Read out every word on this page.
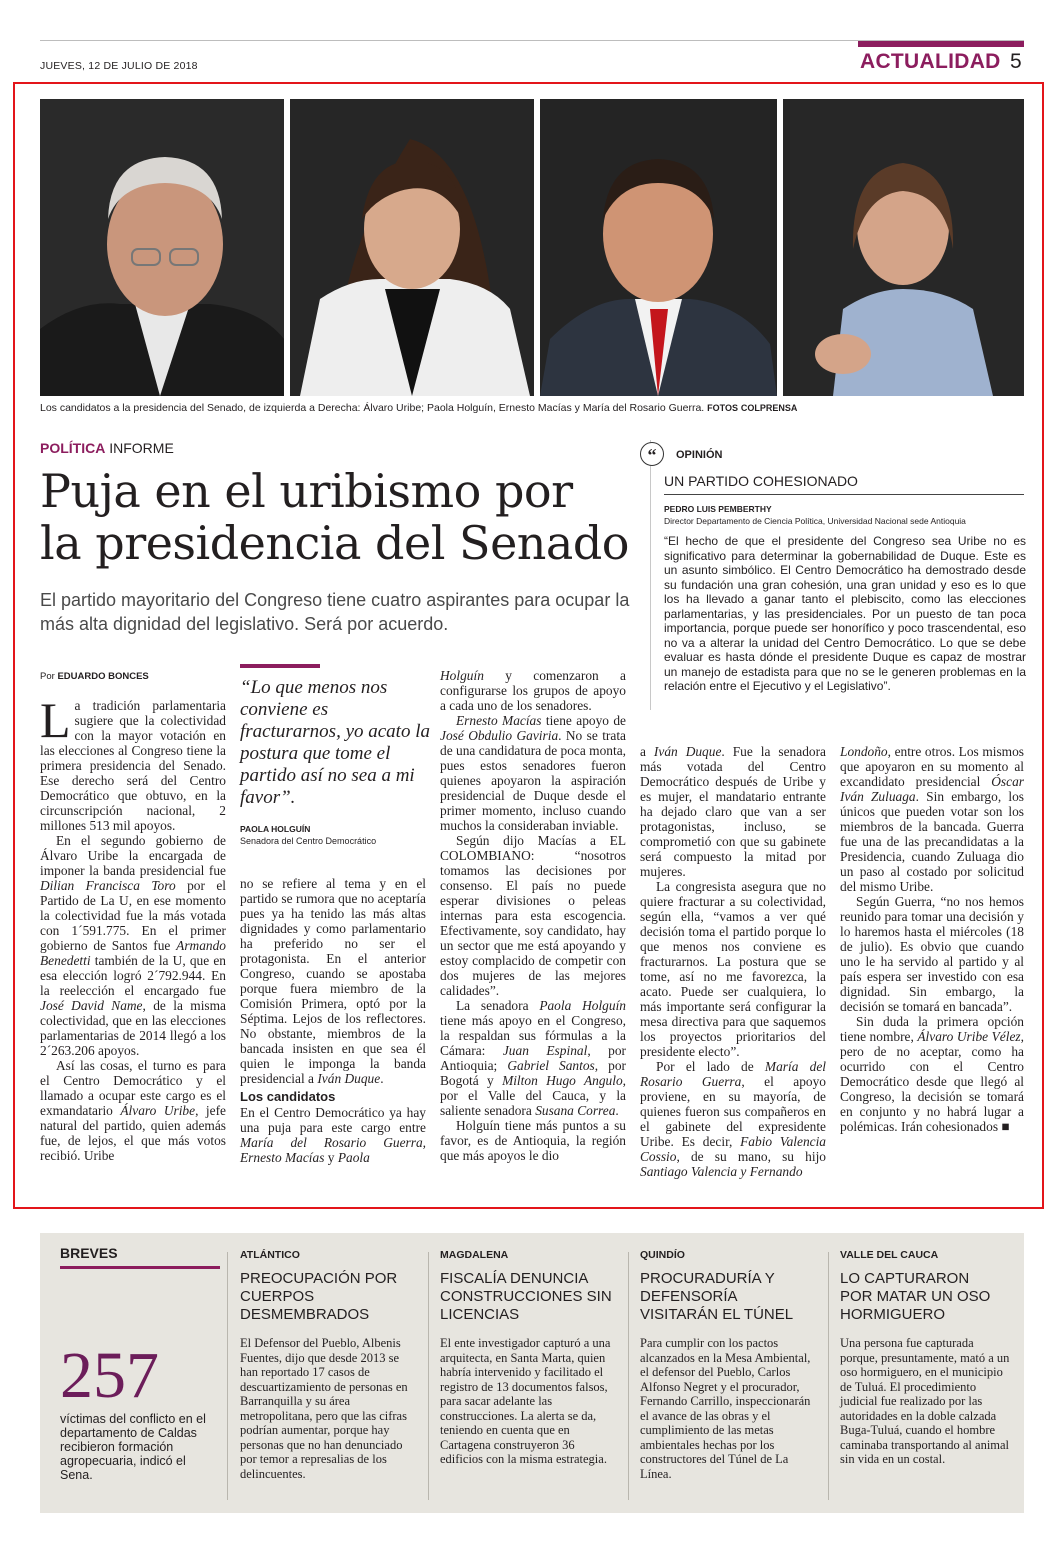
JUEVES, 12 DE JULIO DE 2018	ACTUALIDAD 5
Los candidatos a la presidencia del Senado, de izquierda a Derecha: Álvaro Uribe; Paola Holguín, Ernesto Macías y María del Rosario Guerra. FOTOS COLPRENSA
POLÍTICA INFORME
Puja en el uribismo por
la presidencia del Senado
El partido mayoritario del Congreso tiene cuatro aspirantes para ocupar la más alta dignidad del legislativo. Será por acuerdo.
“	OPINIÓN
UN PARTIDO COHESIONADO
PEDRO LUIS PEMBERTHY
Director Departamento de Ciencia Política, Universidad Nacional sede Antioquia
“El hecho de que el presidente del Congreso sea Uribe no es significativo para determinar la gobernabilidad de Duque. Este es un asunto simbólico. El Centro Democrático ha demostrado desde su fundación una gran cohesión, una gran unidad y eso es lo que los ha llevado a ganar tanto el plebiscito, como las elecciones parlamentarias, y las presidenciales. Por un puesto de tan poca importancia, porque puede ser honorífico y poco trascendental, eso no va a alterar la unidad del Centro Democrático. Lo que se debe evaluar es hasta dónde el presidente Duque es capaz de mostrar un manejo de estadista para que no se le generen problemas en la relación entre el Ejecutivo y el Legislativo”.
Por EDUARDO BONCES

La tradición parlamentaria sugiere que la colectividad con la mayor votación en las elecciones al Congreso tiene la primera presidencia del Senado. Ese derecho será del Centro Democrático que obtuvo, en la circunscripción nacional, 2 millones 513 mil apoyos.

En el segundo gobierno de Álvaro Uribe la encargada de imponer la banda presidencial fue Dilian Francisca Toro por el Partido de La U, en ese momento la colectividad fue la más votada con 1´591.775. En el primer gobierno de Santos fue Armando Benedetti también de la U, que en esa elección logró 2´792.944. En la reelección el encargado fue José David Name, de la misma colectividad, que en las elecciones parlamentarias de 2014 llegó a los 2´263.206 apoyos.

Así las cosas, el turno es para el Centro Democrático y el llamado a ocupar este cargo es el exmandatario Álvaro Uribe, jefe natural del partido, quien además fue, de lejos, el que más votos recibió. Uribe

“Lo que menos nos conviene es fracturarnos, yo acato la postura que tome el partido así no sea a mi favor”.
PAOLA HOLGUÍN
Senadora del Centro Democrático

no se refiere al tema y en el partido se rumora que no aceptaría pues ya ha tenido las más altas dignidades y como parlamentario ha preferido no ser el protagonista. En el anterior Congreso, cuando se apostaba porque fuera miembro de la Comisión Primera, optó por la Séptima. Lejos de los reflectores. No obstante, miembros de la bancada insisten en que sea él quien le imponga la banda presidencial a Iván Duque.

Los candidatos

En el Centro Democrático ya hay una puja para este cargo entre María del Rosario Guerra, Ernesto Macías y Paola

Holguín y comenzaron a configurarse los grupos de apoyo a cada uno de los senadores.

Ernesto Macías tiene apoyo de José Obdulio Gaviria. No se trata de una candidatura de poca monta, pues estos senadores fueron quienes apoyaron la aspiración presidencial de Duque desde el primer momento, incluso cuando muchos la consideraban inviable.

Según dijo Macías a EL COLOMBIANO: “nosotros tomamos las decisiones por consenso. El país no puede esperar divisiones o peleas internas para esta escogencia. Efectivamente, soy candidato, hay un sector que me está apoyando y estoy complacido de competir con dos mujeres de las mejores calidades”.

La senadora Paola Holguín tiene más apoyo en el Congreso, la respaldan sus fórmulas a la Cámara: Juan Espinal, por Antioquia; Gabriel Santos, por Bogotá y Milton Hugo Angulo, por el Valle del Cauca, y la saliente senadora Susana Correa.

Holguín tiene más puntos a su favor, es de Antioquia, la región que más apoyos le dio

a Iván Duque. Fue la senadora más votada del Centro Democrático después de Uribe y es mujer, el mandatario entrante ha dejado claro que van a ser protagonistas, incluso, se comprometió con que su gabinete será compuesto la mitad por mujeres.

La congresista asegura que no quiere fracturar a su colectividad, según ella, “vamos a ver qué decisión toma el partido porque lo que menos nos conviene es fracturarnos. La postura que se tome, así no me favorezca, la acato. Puede ser cualquiera, lo más importante será configurar la mesa directiva para que saquemos los proyectos prioritarios del presidente electo”.

Por el lado de María del Rosario Guerra, el apoyo proviene, en su mayoría, de quienes fueron sus compañeros en el gabinete del expresidente Uribe. Es decir, Fabio Valencia Cossio, de su mano, su hijo Santiago Valencia y Fernando

Londoño, entre otros. Los mismos que apoyaron en su momento al excandidato presidencial Óscar Iván Zuluaga. Sin embargo, los únicos que pueden votar son los miembros de la bancada. Guerra fue una de las precandidatas a la Presidencia, cuando Zuluaga dio un paso al costado por solicitud del mismo Uribe.

Según Guerra, “no nos hemos reunido para tomar una decisión y lo haremos hasta el miércoles (18 de julio). Es obvio que cuando uno le ha servido al partido y al país espera ser investido con esa dignidad. Sin embargo, la decisión se tomará en bancada”.

Sin duda la primera opción tiene nombre, Álvaro Uribe Vélez, pero de no aceptar, como ha ocurrido con el Centro Democrático desde que llegó al Congreso, la decisión se tomará en conjunto y no habrá lugar a polémicas. Irán cohesionados ■

BREVES
257
víctimas del conflicto en el departamento de Caldas recibieron formación agropecuaria, indicó el Sena.
ATLÁNTICO
PREOCUPACIÓN POR CUERPOS DESMEMBRADOS
El Defensor del Pueblo, Albenis Fuentes, dijo que desde 2013 se han reportado 17 casos de descuartizamiento de personas en Barranquilla y su área metropolitana, pero que las cifras podrían aumentar, porque hay personas que no han denunciado por temor a represalias de los delincuentes.
MAGDALENA
FISCALÍA DENUNCIA CONSTRUCCIONES SIN LICENCIAS
El ente investigador capturó a una arquitecta, en Santa Marta, quien habría intervenido y facilitado el registro de 13 documentos falsos, para sacar adelante las construcciones. La alerta se da, teniendo en cuenta que en Cartagena construyeron 36 edificios con la misma estrategia.
QUINDÍO
PROCURADURÍA Y DEFENSORÍA VISITARÁN EL TÚNEL
Para cumplir con los pactos alcanzados en la Mesa Ambiental, el defensor del Pueblo, Carlos Alfonso Negret y el procurador, Fernando Carrillo, inspeccionarán el avance de las obras y el cumplimiento de las metas ambientales hechas por los constructores del Túnel de La Línea.
VALLE DEL CAUCA
LO CAPTURARON POR MATAR UN OSO HORMIGUERO
Una persona fue capturada porque, presuntamente, mató a un oso hormiguero, en el municipio de Tuluá. El procedimiento judicial fue realizado por las autoridades en la doble calzada Buga-Tuluá, cuando el hombre caminaba transportando al animal sin vida en un costal.
